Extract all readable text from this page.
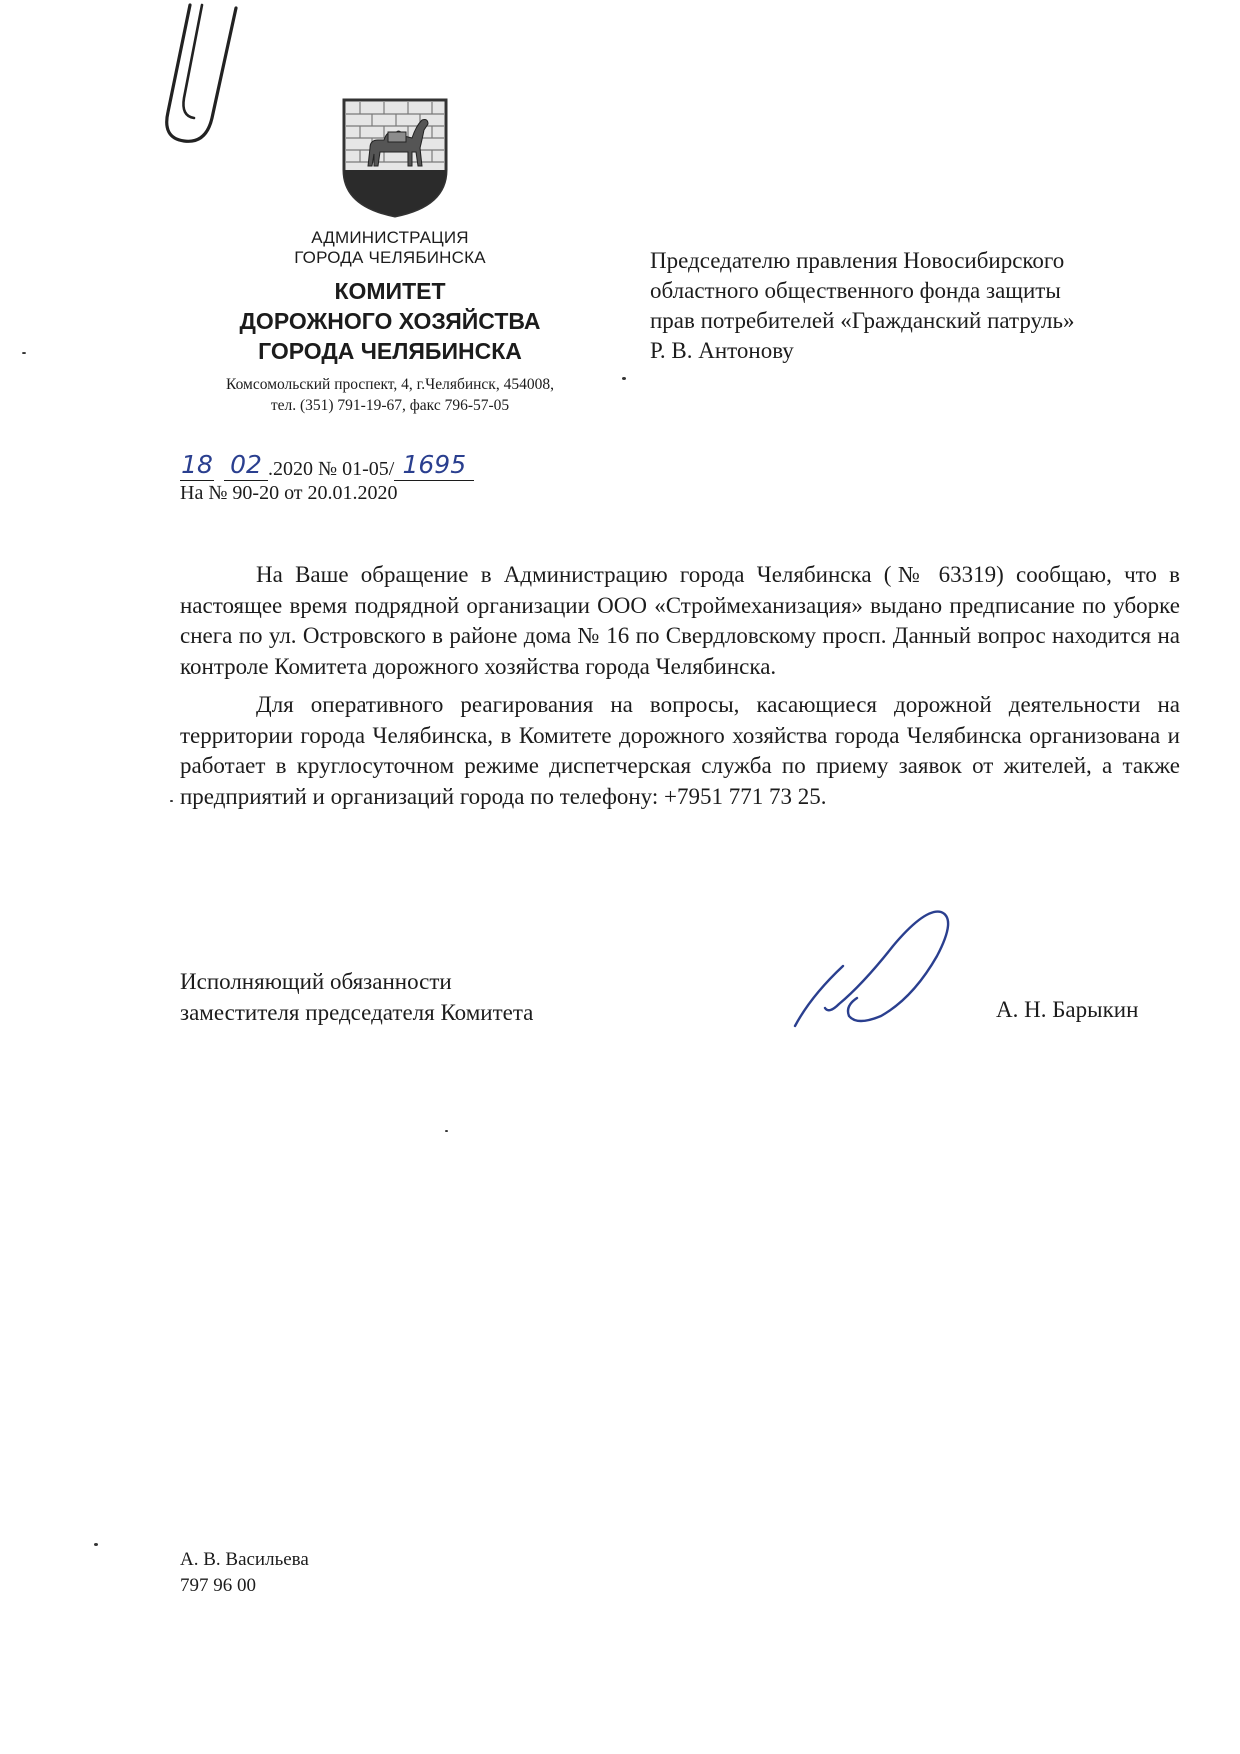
АДМИНИСТРАЦИЯ
ГОРОДА ЧЕЛЯБИНСКА
КОМИТЕТ
ДОРОЖНОГО ХОЗЯЙСТВА
ГОРОДА ЧЕЛЯБИНСКА
Комсомольский проспект, 4, г.Челябинск, 454008,
тел. (351) 791-19-67, факс 796-57-05
Председателю правления Новосибирского
областного общественного фонда защиты
прав потребителей «Гражданский патруль»
Р. В. Антонову
18 02 .2020 № 01-05/ 1695
На № 90-20 от 20.01.2020

На Ваше обращение в Администрацию города Челябинска (№ 63319) сообщаю, что в настоящее время подрядной организации ООО «Строймеханизация» выдано предписание по уборке снега по ул. Островского в районе дома № 16 по Свердловскому просп. Данный вопрос находится на контроле Комитета дорожного хозяйства города Челябинска.

Для оперативного реагирования на вопросы, касающиеся дорожной деятельности на территории города Челябинска, в Комитете дорожного хозяйства города Челябинска организована и работает в круглосуточном режиме диспетчерская служба по приему заявок от жителей, а также предприятий и организаций города по телефону: +7951 771 73 25.

Исполняющий обязанности
заместителя председателя Комитета	А. Н. Барыкин
А. В. Васильева
797 96 00
